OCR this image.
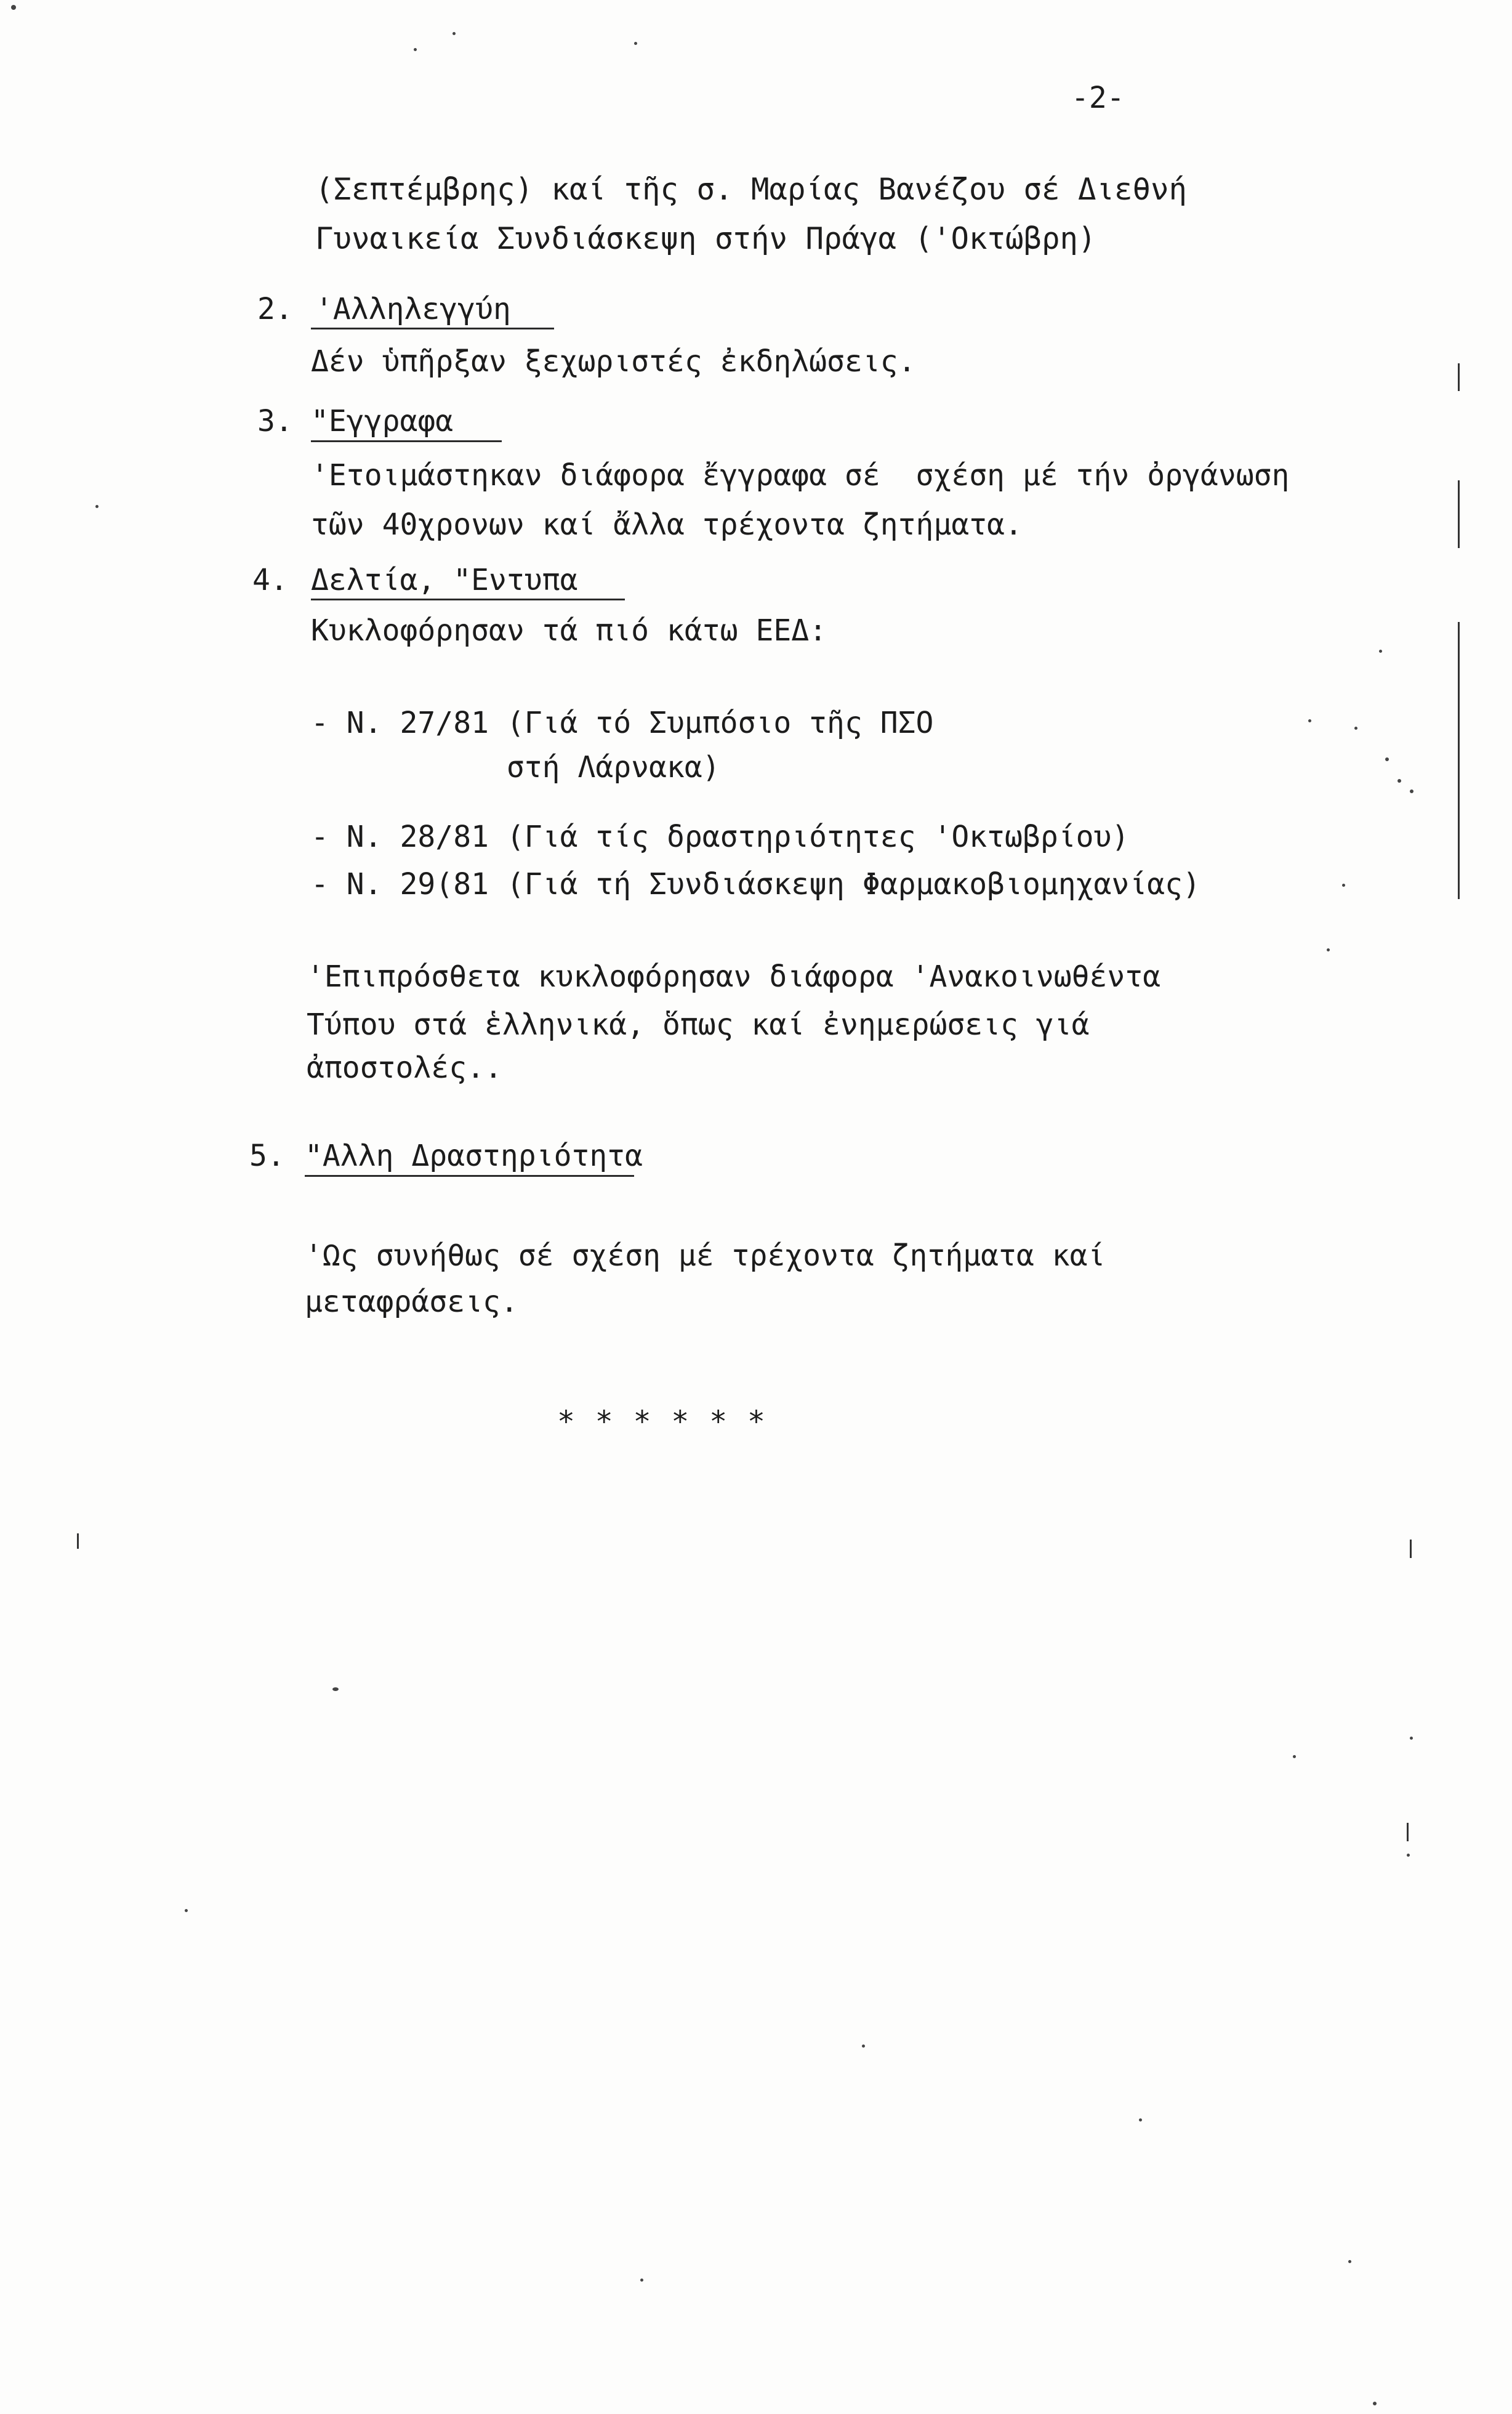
-2-
(Σεπτέμβρης) καί τῆς σ. Μαρίας Βανέζου σέ Διεθνή
Γυναικεία Συνδιάσκεψη στήν Πράγα ('Οκτώβρη)
2. 'Αλληλεγγύη
Δέν ὑπῆρξαν ξεχωριστές ἐκδηλώσεις.
3. "Εγγραφα
'Ετοιμάστηκαν διάφορα ἔγγραφα σέ  σχέση μέ τήν ὀργάνωση
τῶν 40χρονων καί ἄλλα τρέχοντα ζητήματα.
4. Δελτία, "Εντυπα
Κυκλοφόρησαν τά πιό κάτω ΕΕΔ:
- Ν. 27/81 (Γιά τό Συμπόσιο τῆς ΠΣΟ
στή Λάρνακα)
- Ν. 28/81 (Γιά τίς δραστηριότητες 'Οκτωβρίου)
- Ν. 29(81 (Γιά τή Συνδιάσκεψη Φαρμακοβιομηχανίας)
'Επιπρόσθετα κυκλοφόρησαν διάφορα 'Ανακοινωθέντα
Τύπου στά ἑλληνικά, ὅπως καί ἐνημερώσεις γιά
ἀποστολές..
5. "Αλλη Δραστηριότητα
'Ως συνήθως σέ σχέση μέ τρέχοντα ζητήματα καί
μεταφράσεις.
* * * * * *
